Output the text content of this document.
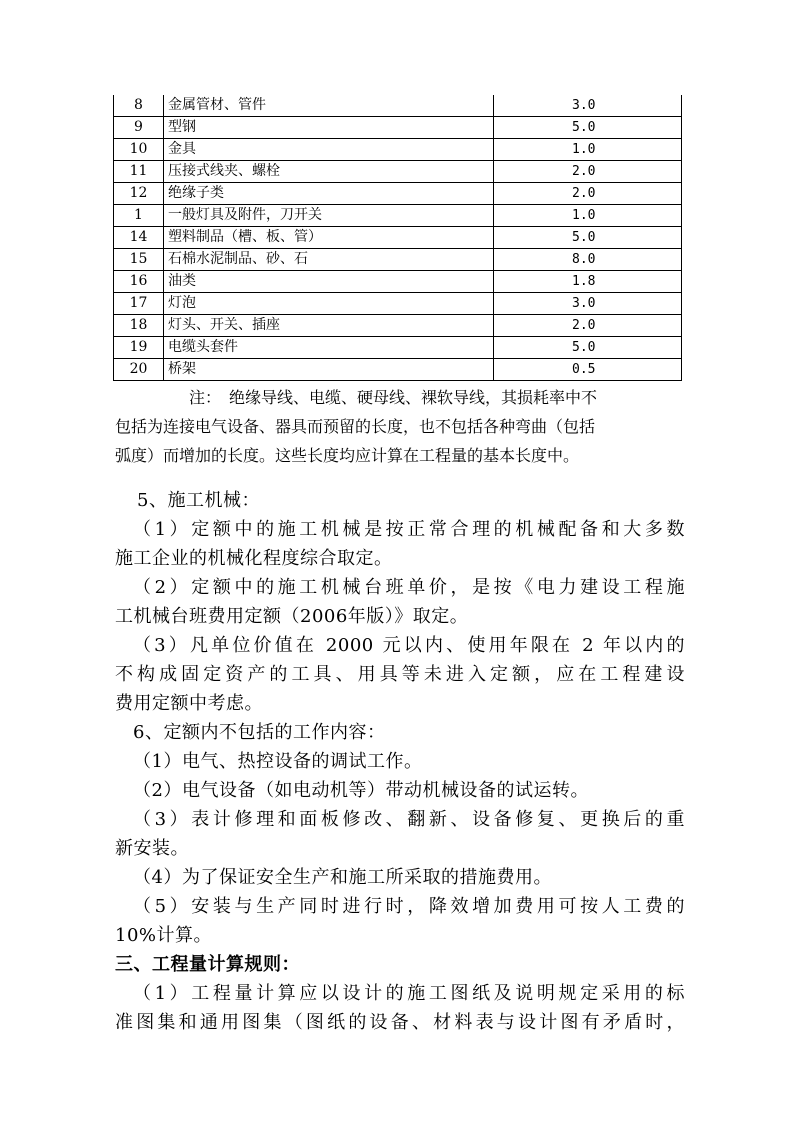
8	金属管材、管件	3.0
9	型钢	5.0
10	金具	1.0
11	压接式线夹、螺栓	2.0
12	绝缘子类	2.0
1	一般灯具及附件，刀开关	1.0
14	塑料制品（槽、板、管）	5.0
15	石棉水泥制品、砂、石	8.0
16	油类	1.8
17	灯泡	3.0
18	灯头、开关、插座	2.0
19	电缆头套件	5.0
20	桥架	0.5

注：　绝缘导线、电缆、硬母线、裸软导线，其损耗率中不

包括为连接电气设备、器具而预留的长度，也不包括各种弯曲（包括

弧度）而增加的长度。这些长度均应计算在工程量的基本长度中。

5、施工机械：

（1）定额中的施工机械是按正常合理的机械配备和大多数

施工企业的机械化程度综合取定。

（2）定额中的施工机械台班单价，是按《电力建设工程施

工机械台班费用定额（2006年版）》取定。

（3）凡单位价值在 2000 元以内、使用年限在 2 年以内的

不构成固定资产的工具、用具等未进入定额，应在工程建设

费用定额中考虑。

6、定额内不包括的工作内容：

（1）电气、热控设备的调试工作。

（2）电气设备（如电动机等）带动机械设备的试运转。

（3）表计修理和面板修改、翻新、设备修复、更换后的重

新安装。

（4）为了保证安全生产和施工所采取的措施费用。

（5）安装与生产同时进行时，降效增加费用可按人工费的

10%计算。

三、工程量计算规则：

（1）工程量计算应以设计的施工图纸及说明规定采用的标

准图集和通用图集（图纸的设备、材料表与设计图有矛盾时，
